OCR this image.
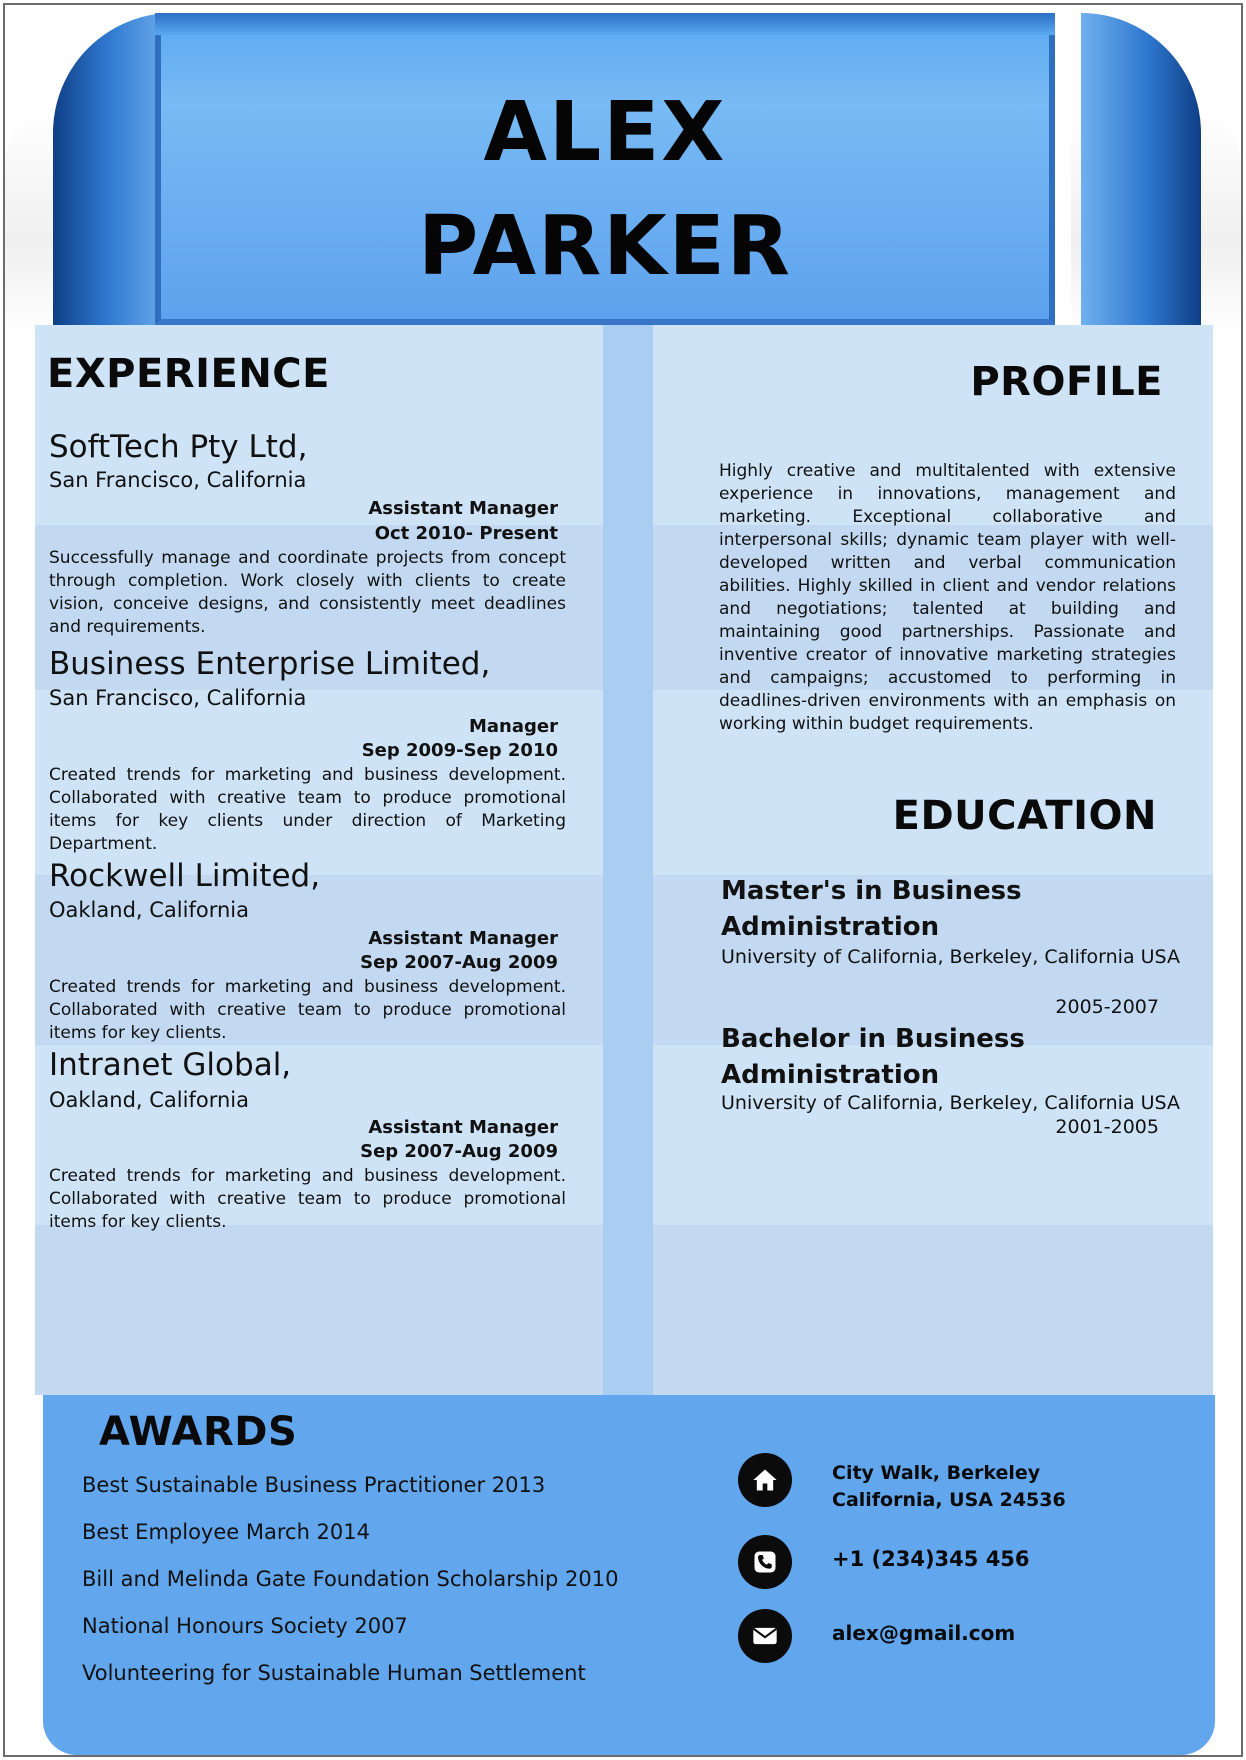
ALEX
PARKER
EXPERIENCE
SoftTech Pty Ltd,
San Francisco, California
Assistant Manager
Oct 2010- Present
Successfully manage and coordinate projects from concept through completion. Work closely with clients to create vision, conceive designs, and consistently meet deadlines and requirements.
Business Enterprise Limited,
San Francisco, California
Manager
Sep 2009-Sep 2010
Created trends for marketing and business development. Collaborated with creative team to produce promotional items for key clients under direction of Marketing Department.
Rockwell Limited,
Oakland, California
Assistant Manager
Sep 2007-Aug 2009
Created trends for marketing and business development. Collaborated with creative team to produce promotional items for key clients.
Intranet Global,
Oakland, California
Assistant Manager
Sep 2007-Aug 2009
Created trends for marketing and business development. Collaborated with creative team to produce promotional items for key clients.
PROFILE
Highly creative and multitalented with extensive experience in innovations, management and marketing. Exceptional collaborative and interpersonal skills; dynamic team player with well-developed written and verbal communication abilities. Highly skilled in client and vendor relations and negotiations; talented at building and maintaining good partnerships. Passionate and inventive creator of innovative marketing strategies and campaigns; accustomed to performing in deadlines-driven environments with an emphasis on working within budget requirements.
EDUCATION
Master's in Business Administration
University of California, Berkeley, California USA
2005-2007
Bachelor in Business Administration
University of California, Berkeley, California USA
2001-2005
AWARDS
Best Sustainable Business Practitioner 2013
Best Employee March 2014
Bill and Melinda Gate Foundation Scholarship 2010
National Honours Society 2007
Volunteering for Sustainable Human Settlement
City Walk, Berkeley
California, USA 24536
+1 (234)345 456
alex@gmail.com
